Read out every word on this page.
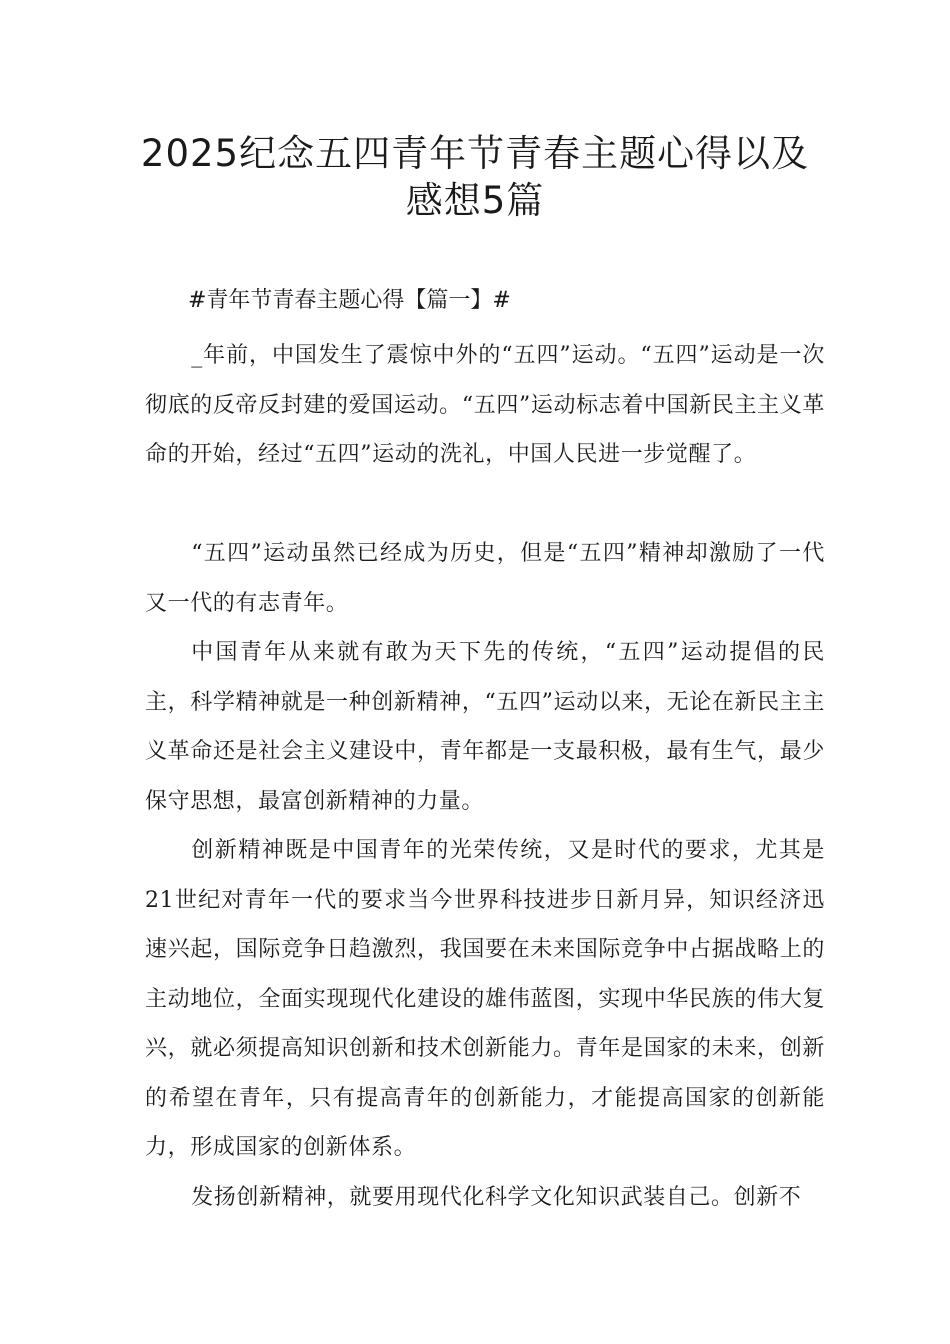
2025纪念五四青年节青春主题心得以及
感想5篇

#青年节青春主题心得【篇一】#

_年前，中国发生了震惊中外的“五四”运动。“五四”运动是一次彻底的反帝反封建的爱国运动。“五四”运动标志着中国新民主主义革命的开始，经过“五四”运动的洗礼，中国人民进一步觉醒了。

“五四”运动虽然已经成为历史，但是“五四”精神却激励了一代又一代的有志青年。

中国青年从来就有敢为天下先的传统，“五四”运动提倡的民主，科学精神就是一种创新精神，“五四”运动以来，无论在新民主主义革命还是社会主义建设中，青年都是一支最积极，最有生气，最少保守思想，最富创新精神的力量。

创新精神既是中国青年的光荣传统，又是时代的要求，尤其是21世纪对青年一代的要求当今世界科技进步日新月异，知识经济迅速兴起，国际竞争日趋激烈，我国要在未来国际竞争中占据战略上的主动地位，全面实现现代化建设的雄伟蓝图，实现中华民族的伟大复兴，就必须提高知识创新和技术创新能力。青年是国家的未来，创新的希望在青年，只有提高青年的创新能力，才能提高国家的创新能力，形成国家的创新体系。

发扬创新精神，就要用现代化科学文化知识武装自己。创新不
